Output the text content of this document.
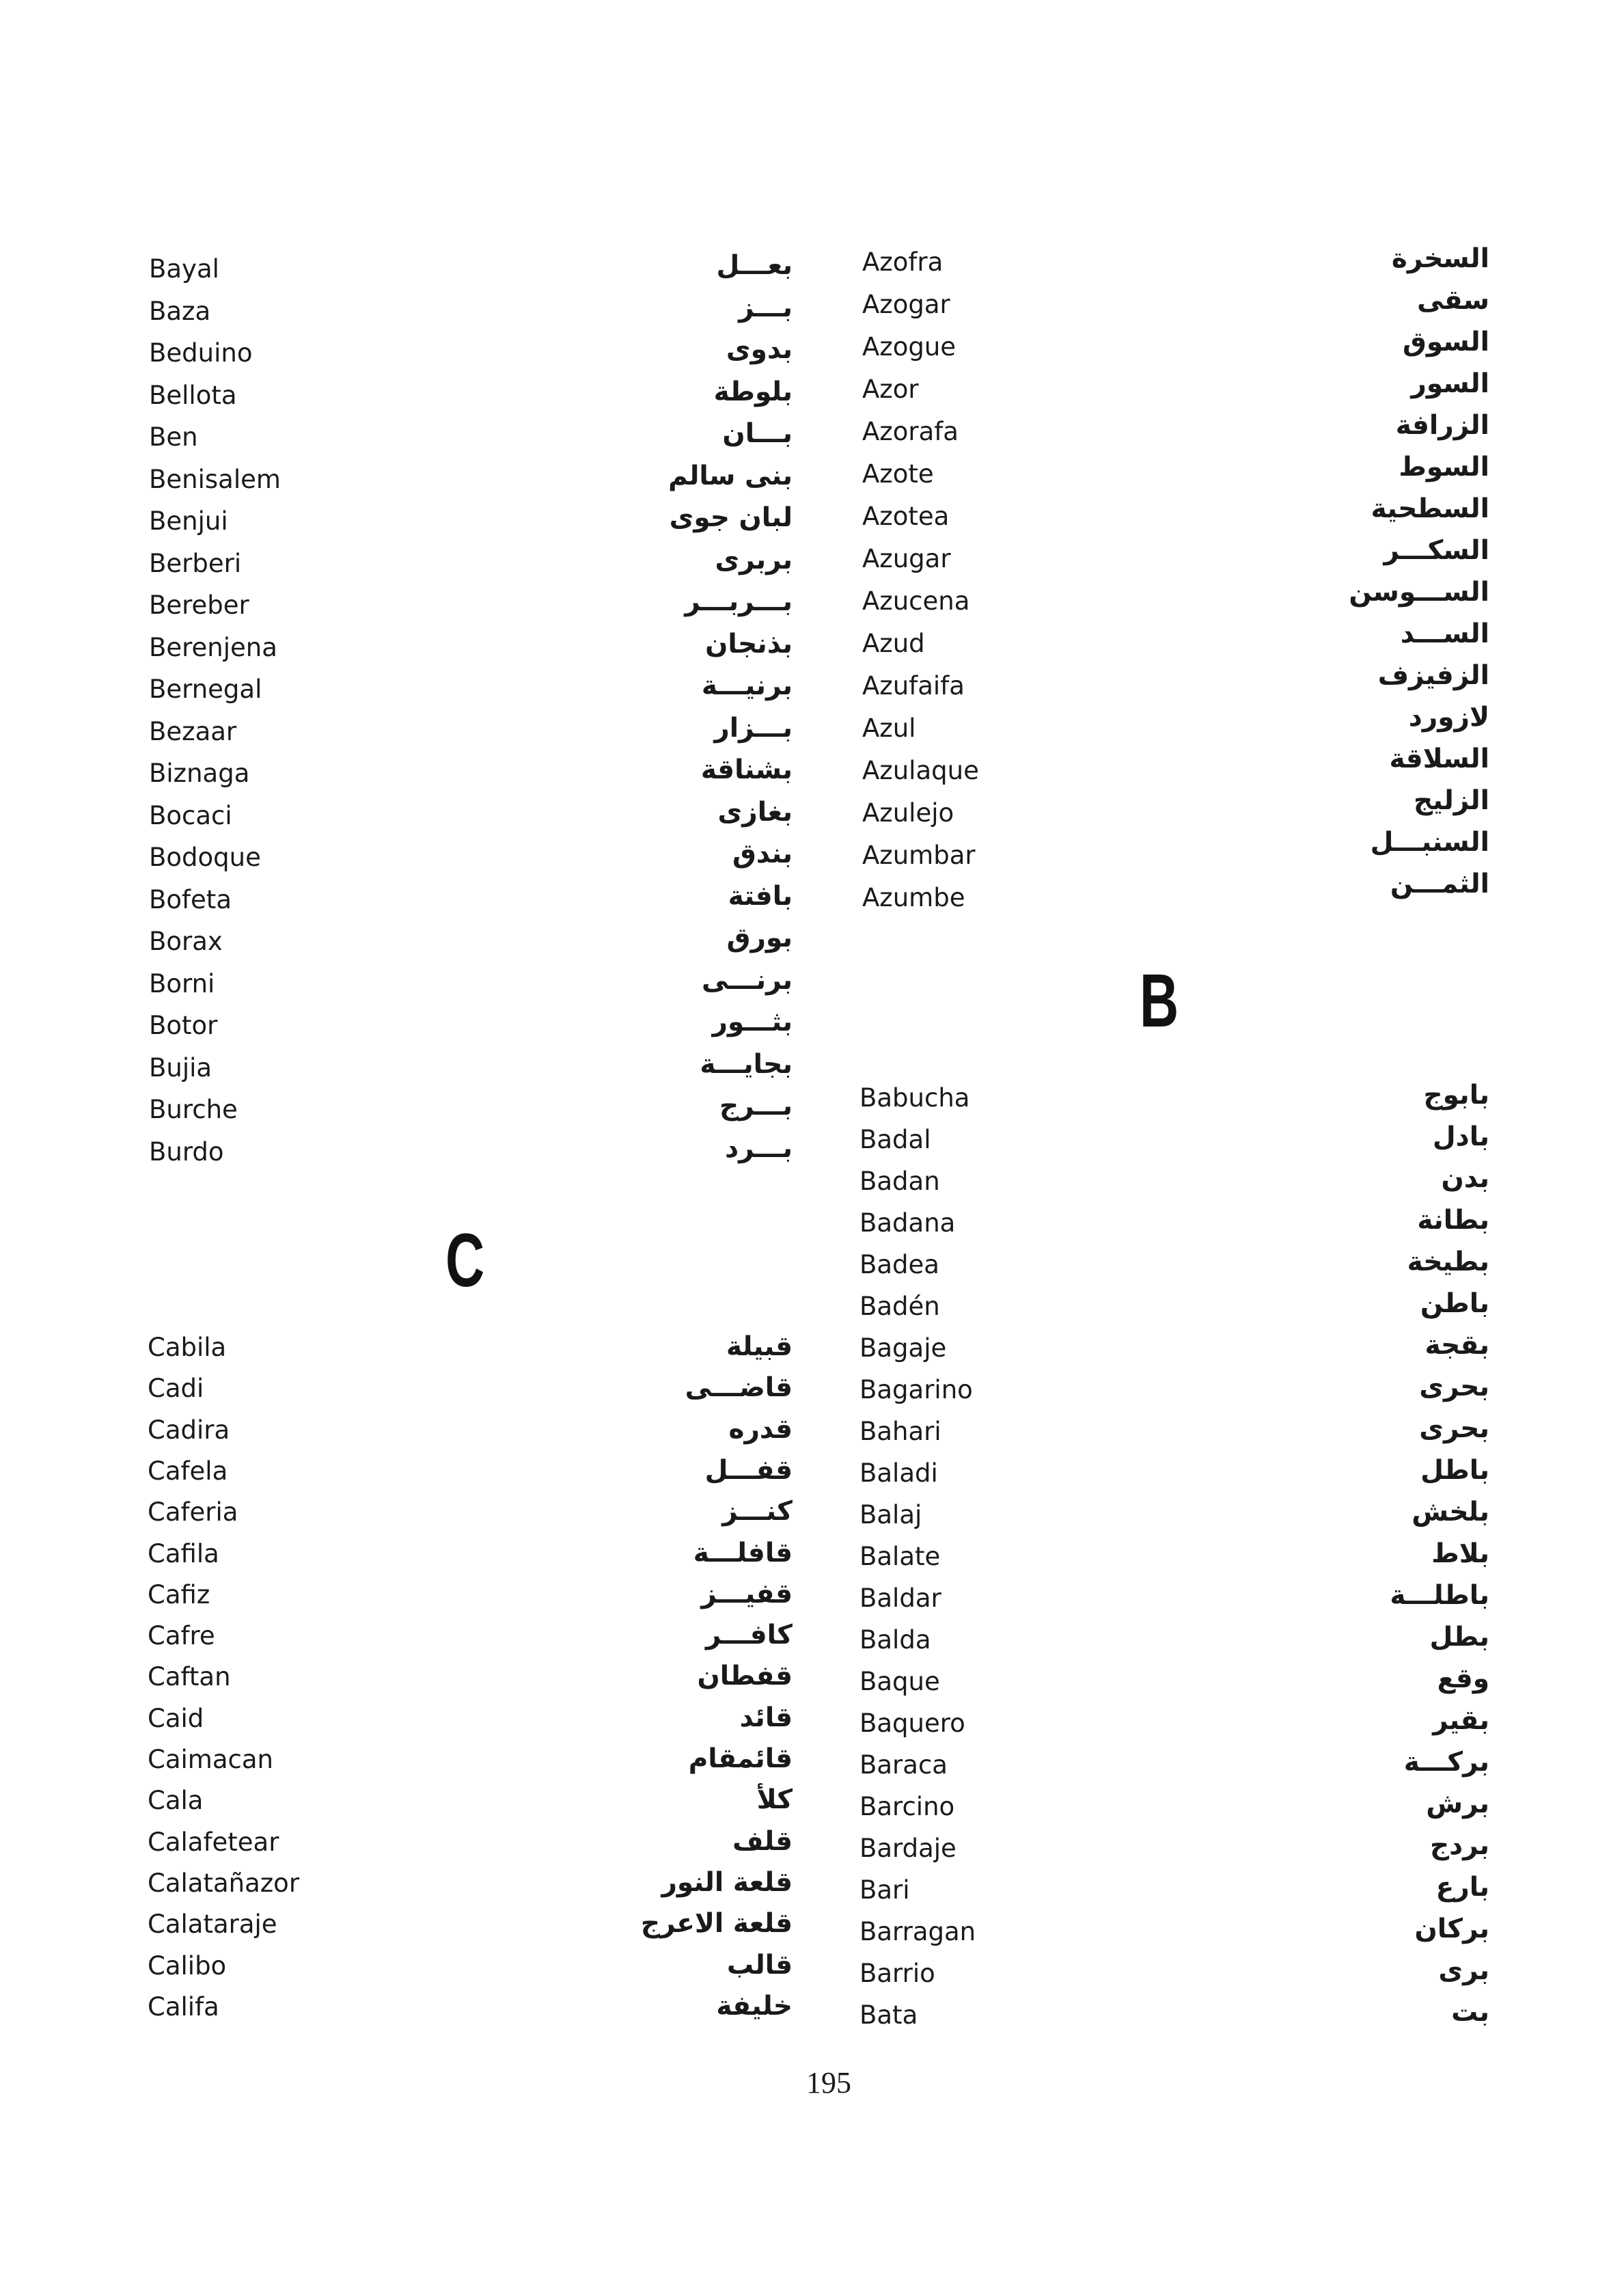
Bayal
Baza
Beduino
Bellota
Ben
Benisalem
Benjui
Berberi
Bereber
Berenjena
Bernegal
Bezaar
Biznaga
Bocaci
Bodoque
Bofeta
Borax
Borni
Botor
Bujia
Burche
Burdo
بعـــل
بـــز
بدوى
بلوطة
بـــان
بنى سالم
لبان جوى
بربرى
بـــربـــر
بذنجان
برنيـــة
بـــزار
بشناقة
بغازى
بندق
بافتة
بورق
برنـــى
بثـــور
بجايـــة
بـــرج
بـــرد
C
Cabila
Cadi
Cadira
Cafela
Caferia
Cafila
Cafiz
Cafre
Caftan
Caid
Caimacan
Cala
Calafetear
Calatañazor
Calataraje
Calibo
Califa
قبيلة
قاضـــى
قدره
قفـــل
كنـــز
قافلـــة
قفيـــز
كافـــر
قفطان
قائد
قائمقام
كلأ
قلف
قلعة النور
قلعة الاعرج
قالب
خليفة
Azofra
Azogar
Azogue
Azor
Azorafa
Azote
Azotea
Azugar
Azucena
Azud
Azufaifa
Azul
Azulaque
Azulejo
Azumbar
Azumbe
السخرة
سقى
السوق
السور
الزرافة
السوط
السطحية
السكـــر
الســـوسن
الســـد
الزفيزف
لازورد
السلاقة
الزليج
السنبـــل
الثمـــن
B
Babucha
Badal
Badan
Badana
Badea
Badén
Bagaje
Bagarino
Bahari
Baladi
Balaj
Balate
Baldar
Balda
Baque
Baquero
Baraca
Barcino
Bardaje
Bari
Barragan
Barrio
Bata
بابوج
بادل
بدن
بطانة
بطيخة
باطن
بقجة
بحرى
بحرى
باطل
بلخش
بلاط
باطلـــة
بطل
وقع
بقير
بركـــة
برش
بردج
بارع
بركان
برى
بت
195
